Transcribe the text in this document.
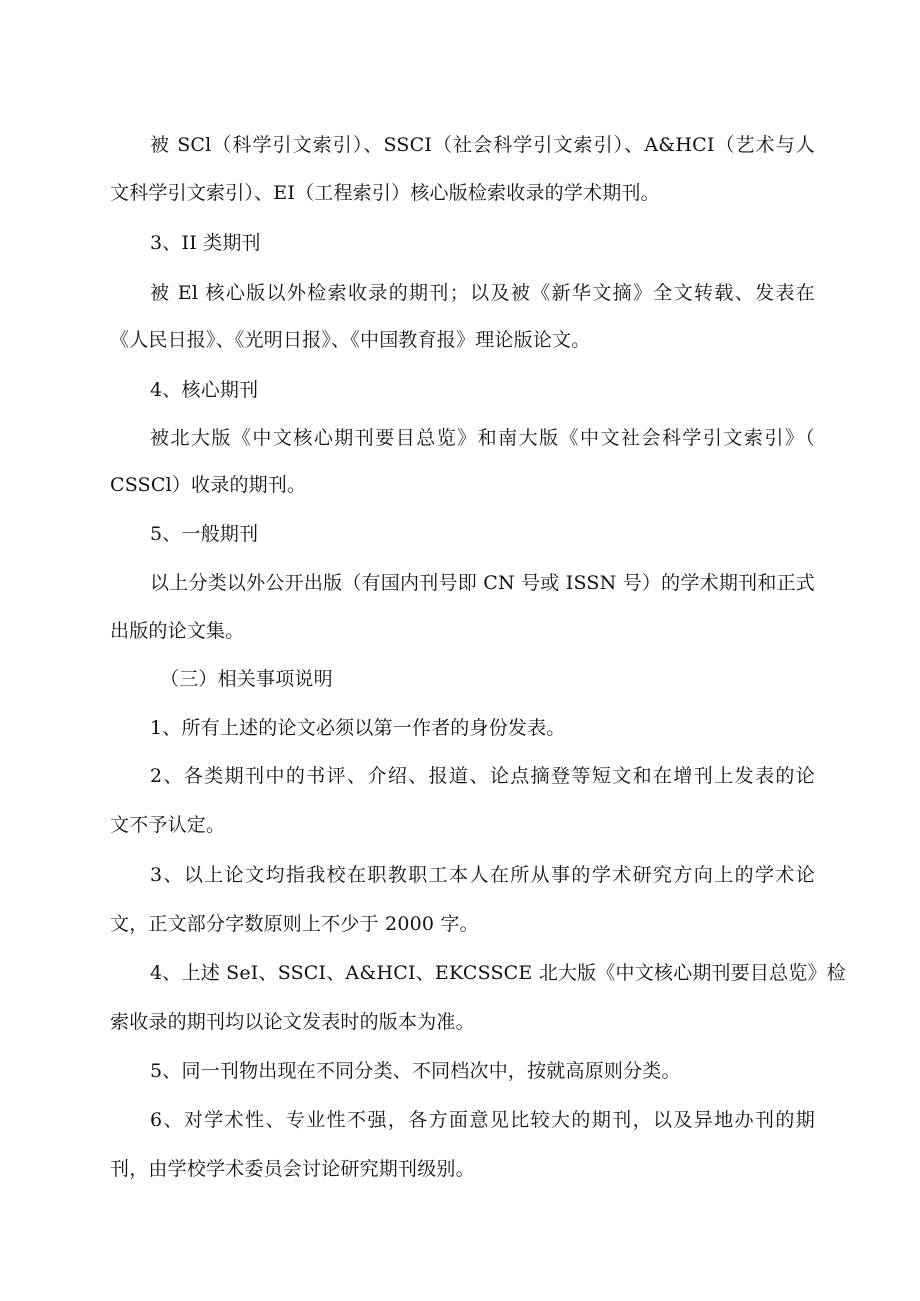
被 SCl（科学引文索引）、SSCI（社会科学引文索引）、A&HCI（艺术与人
文科学引文索引）、EI（工程索引）核心版检索收录的学术期刊。
3、II 类期刊
被 El 核心版以外检索收录的期刊；以及被《新华文摘》全文转载、发表在
《人民日报》、《光明日报》、《中国教育报》理论版论文。
4、核心期刊
被北大版《中文核心期刊要目总览》和南大版《中文社会科学引文索引》（
CSSCl）收录的期刊。
5、一般期刊
以上分类以外公开出版（有国内刊号即 CN 号或 ISSN 号）的学术期刊和正式
出版的论文集。
（三）相关事项说明
1、所有上述的论文必须以第一作者的身份发表。
2、各类期刊中的书评、介绍、报道、论点摘登等短文和在增刊上发表的论
文不予认定。
3、以上论文均指我校在职教职工本人在所从事的学术研究方向上的学术论
文，正文部分字数原则上不少于 2000 字。
4、上述 SeI、SSCI、A&HCI、EKCSSCE 北大版《中文核心期刊要目总览》检
索收录的期刊均以论文发表时的版本为准。
5、同一刊物出现在不同分类、不同档次中，按就高原则分类。
6、对学术性、专业性不强，各方面意见比较大的期刊，以及异地办刊的期
刊，由学校学术委员会讨论研究期刊级别。
